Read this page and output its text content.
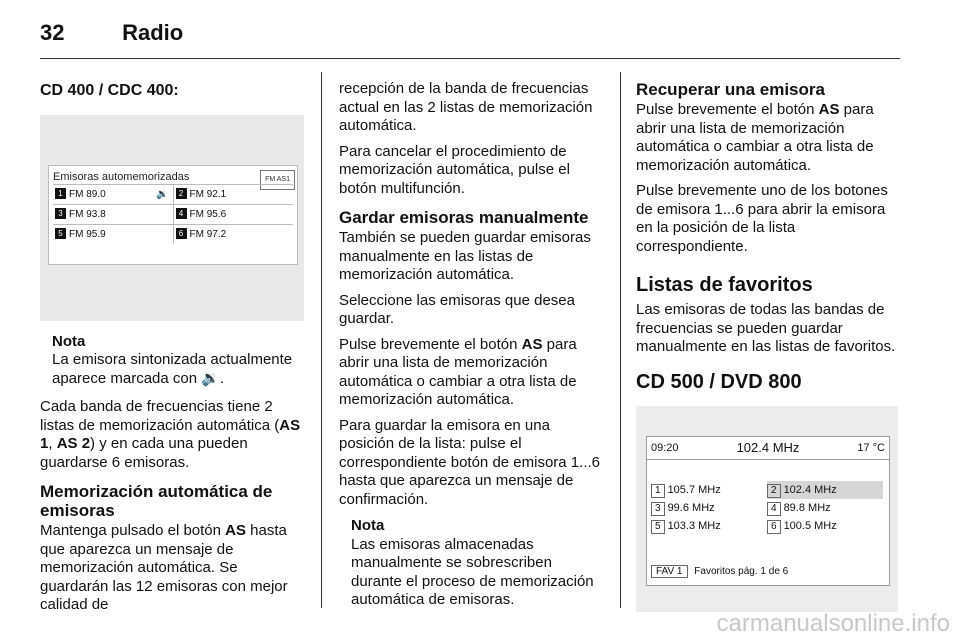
32	Radio
CD 400 / CDC 400:
Emisoras automemorizadas	FM AS1
1 FM 89.0	🔉	2 FM 92.1
3 FM 93.8	4 FM 95.6
5 FM 95.9	6 FM 97.2
Nota
La emisora sintonizada actualmente aparece marcada con 🔉.

Cada banda de frecuencias tiene 2 listas de memorización automática (AS 1, AS 2) y en cada una pueden guardarse 6 emisoras.

Memorización automática de emisoras

Mantenga pulsado el botón AS hasta que aparezca un mensaje de memorización automática. Se guardarán las 12 emisoras con mejor calidad de

recepción de la banda de frecuencias actual en las 2 listas de memorización automática.

Para cancelar el procedimiento de memorización automática, pulse el botón multifunción.

Gardar emisoras manualmente

También se pueden guardar emisoras manualmente en las listas de memorización automática.

Seleccione las emisoras que desea guardar.

Pulse brevemente el botón AS para abrir una lista de memorización automática o cambiar a otra lista de memorización automática.

Para guardar la emisora en una posición de la lista: pulse el correspondiente botón de emisora 1...6 hasta que aparezca un mensaje de confirmación.

Nota
Las emisoras almacenadas manualmente se sobrescriben durante el proceso de memorización automática de emisoras.
Recuperar una emisora

Pulse brevemente el botón AS para abrir una lista de memorización automática o cambiar a otra lista de memorización automática.

Pulse brevemente uno de los botones de emisora 1...6 para abrir la emisora en la posición de la lista correspondiente.

Listas de favoritos

Las emisoras de todas las bandas de frecuencias se pueden guardar manualmente en las listas de favoritos.

CD 500 / DVD 800
09:20	102.4 MHz	17 °C
1 105.7 MHz	2 102.4 MHz
3 99.6 MHz	4 89.8 MHz
5 103.3 MHz	6 100.5 MHz
FAV 1 Favoritos pág. 1 de 6
carmanualsonline.info
